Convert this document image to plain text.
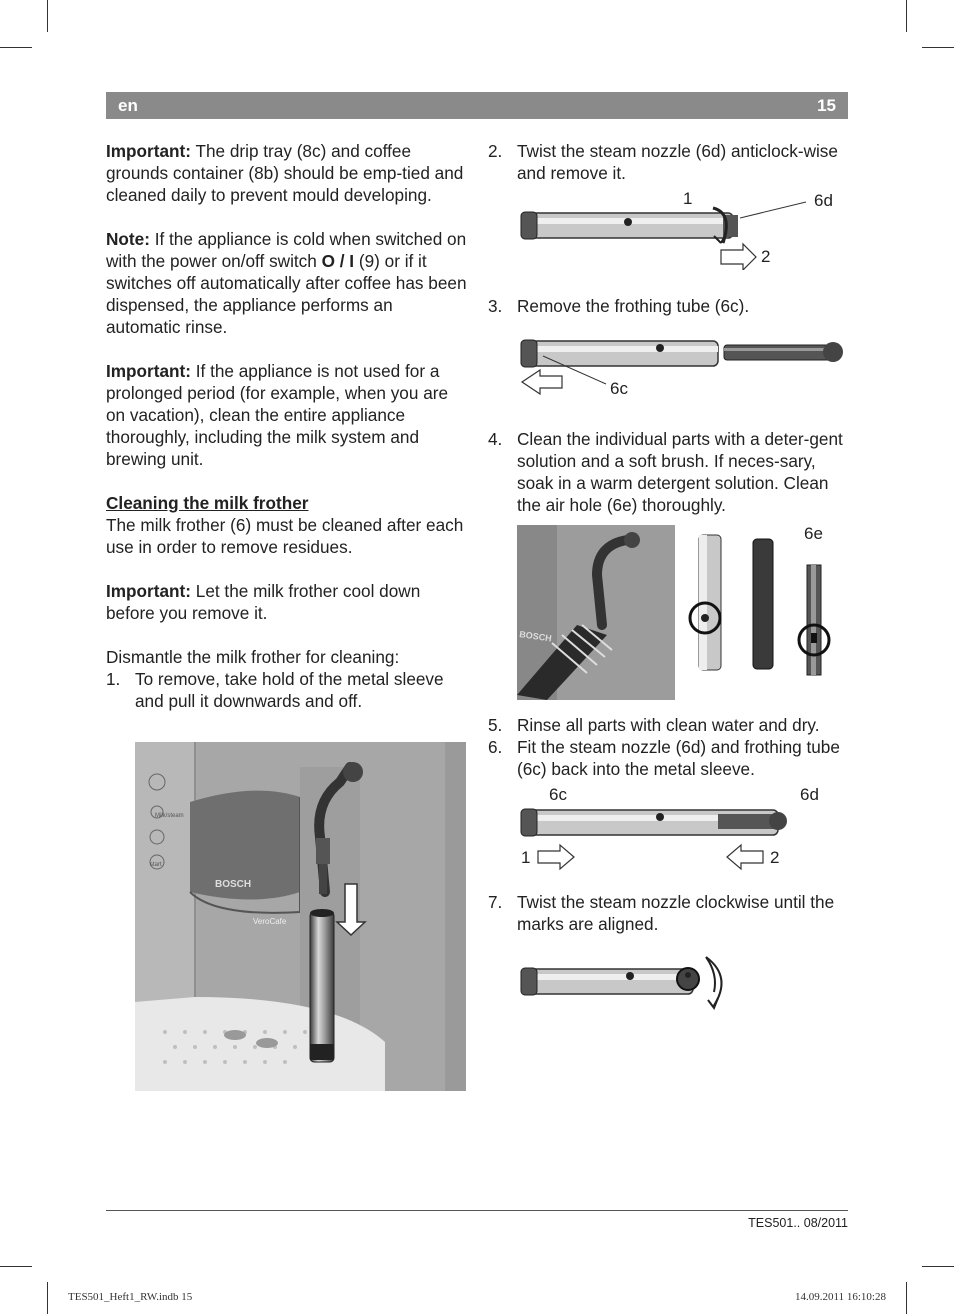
en	15

Important: The drip tray (8c) and coffee grounds container (8b) should be emp-tied and cleaned daily to prevent mould developing.

Note: If the appliance is cold when switched on with the power on/off switch O / I (9) or if it switches off automatically after coffee has been dispensed, the appliance performs an automatic rinse.

Important: If the appliance is not used for a prolonged period (for example, when you are on vacation), clean the entire appliance thoroughly, including the milk system and brewing unit.

Cleaning the milk frother

The milk frother (6) must be cleaned after each use in order to remove residues.

Important: Let the milk frother cool down before you remove it.

Dismantle the milk frother for cleaning:
1. To remove, take hold of the metal sleeve and pull it downwards and off.
BOSCH
VeroCafe
Milk/steam
start
2. Twist the steam nozzle (6d) anticlock-wise and remove it.
1	6d
2
3. Remove the frothing tube (6c).
6c
4. Clean the individual parts with a deter-gent solution and a soft brush. If neces-sary, soak in a warm detergent solution. Clean the air hole (6e) thoroughly.
BOSCH
6e
5. Rinse all parts with clean water and dry.
6. Fit the steam nozzle (6d) and frothing tube (6c) back into the metal sleeve.
6c	6d
1	2
7. Twist the steam nozzle clockwise until the marks are aligned.
TES501.. 08/2011
TES501_Heft1_RW.indb 15	14.09.2011 16:10:28
